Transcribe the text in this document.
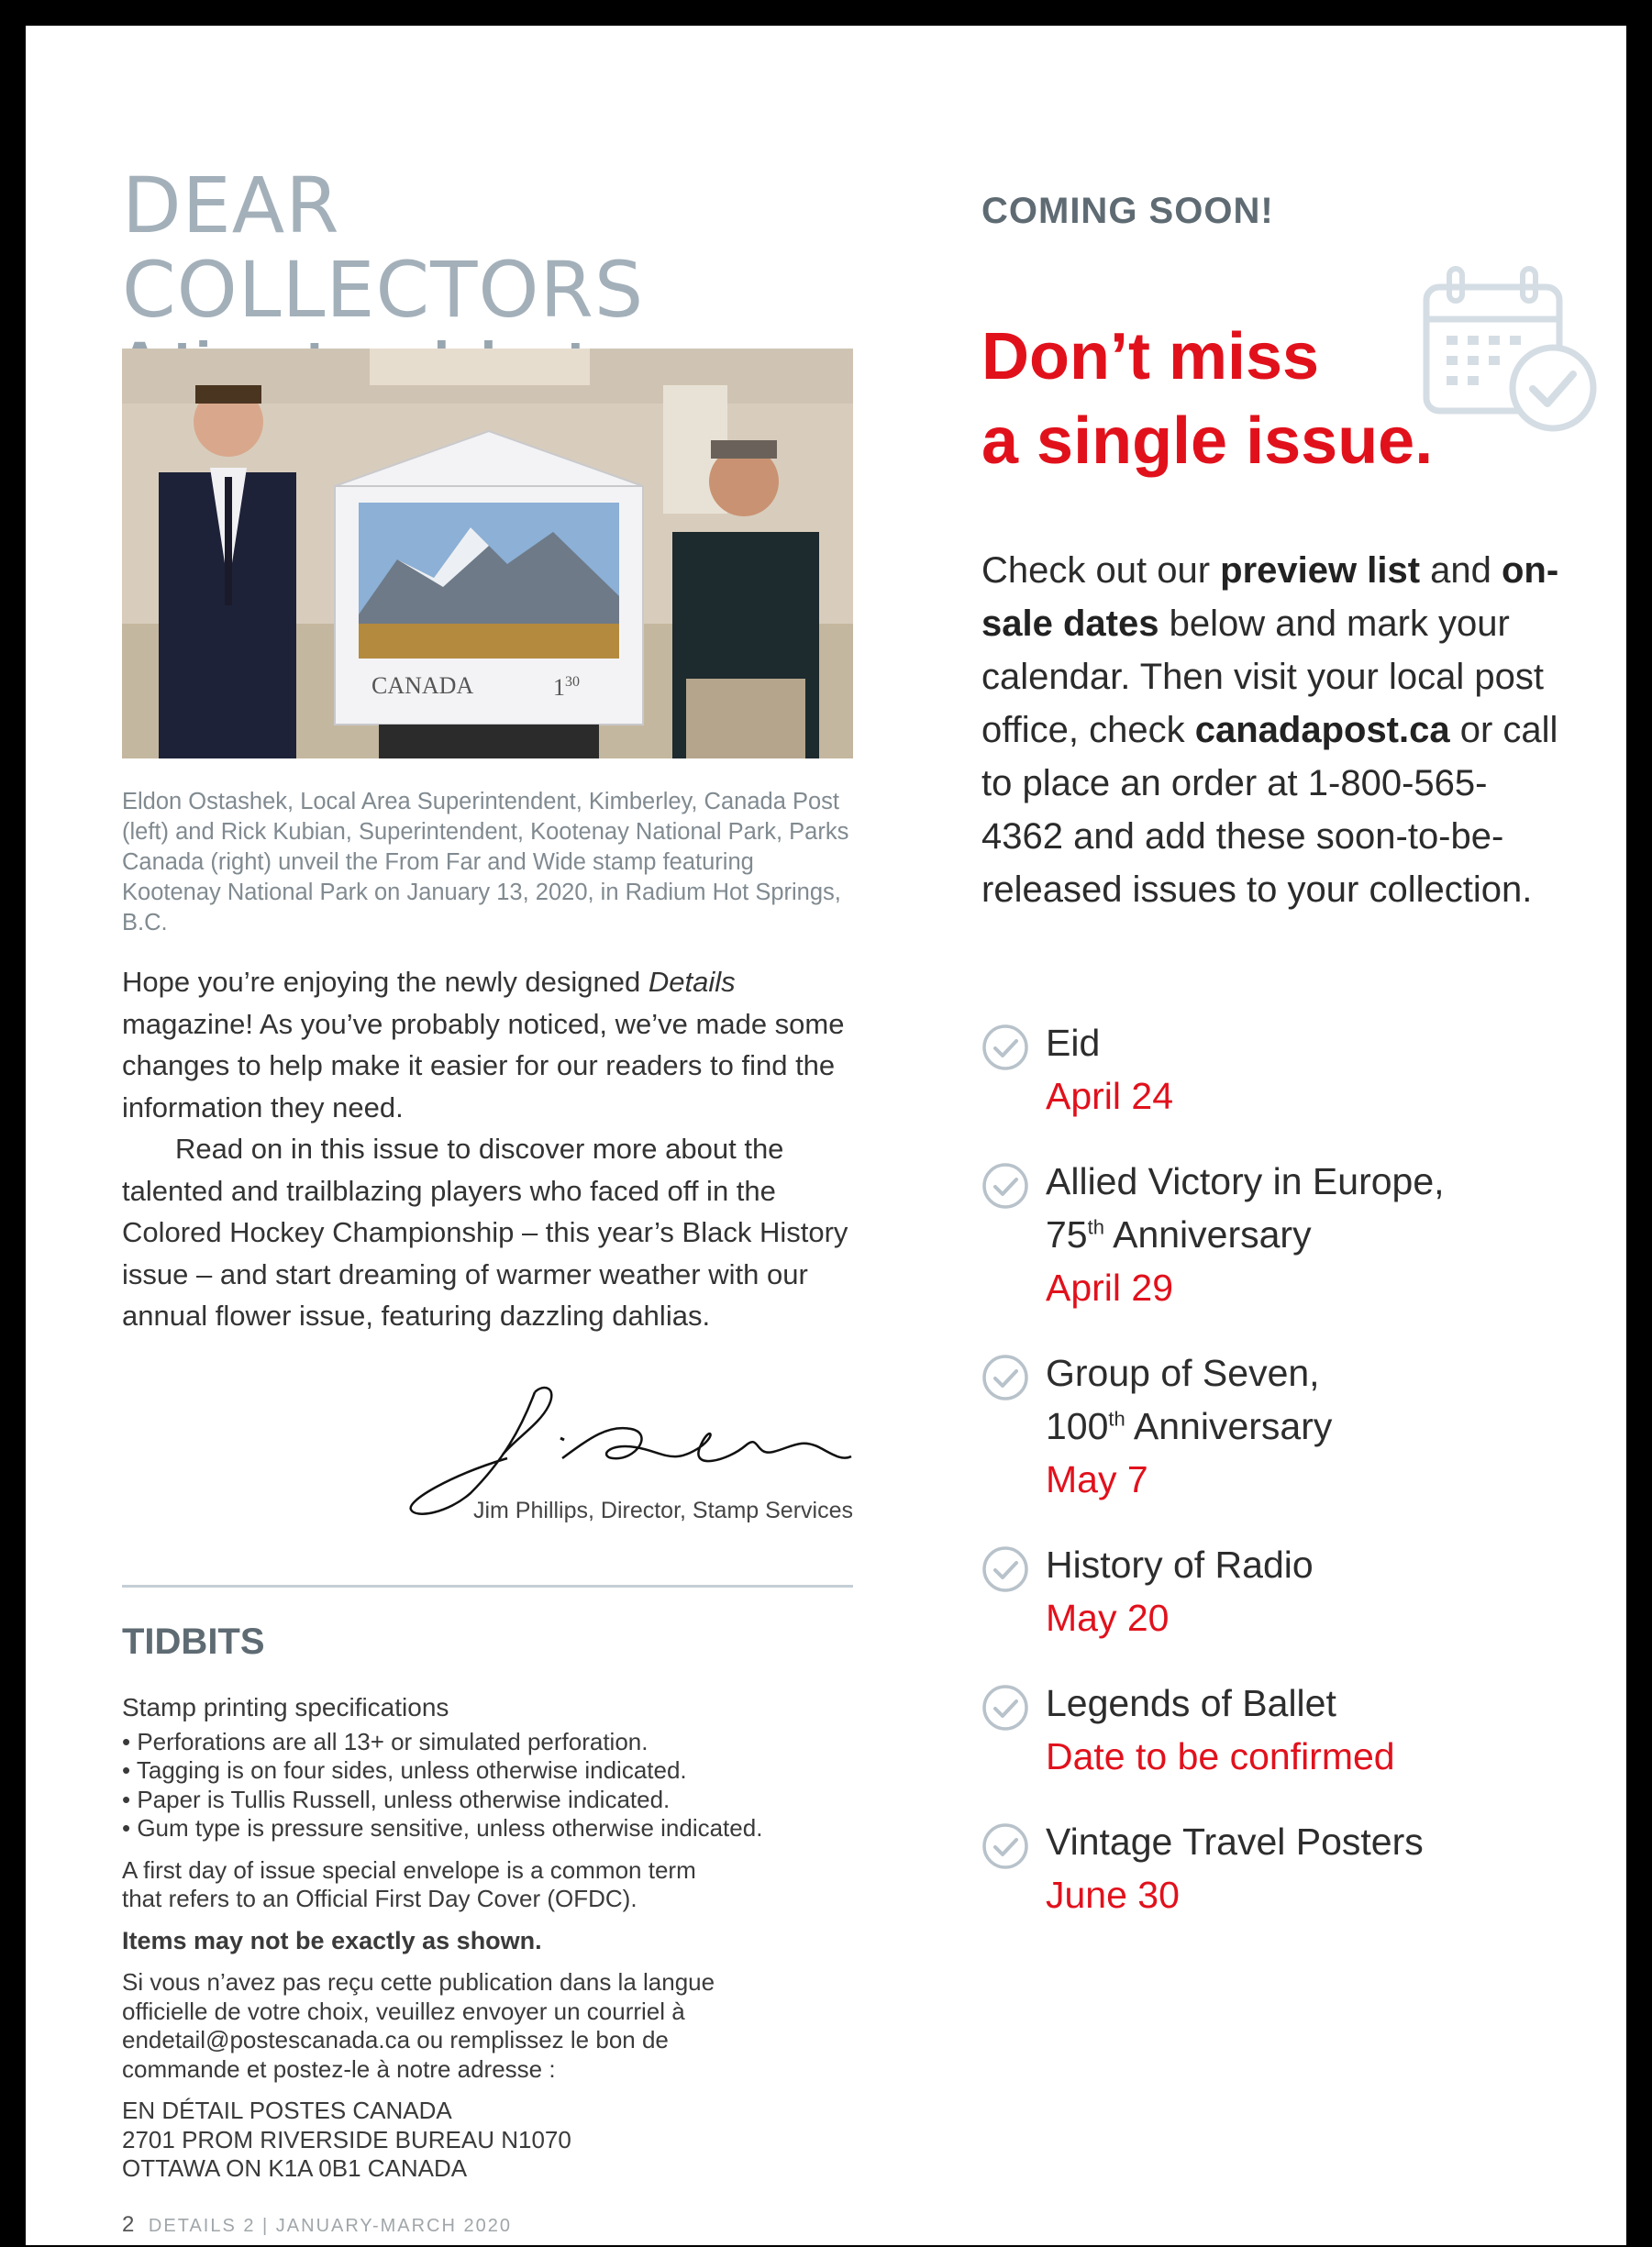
DEAR COLLECTORS
CANADA	$1^{30}$
Eldon Ostashek, Local Area Superintendent, Kimberley, Canada Post (left) and Rick Kubian, Superintendent, Kootenay National Park, Parks Canada (right) unveil the From Far and Wide stamp featuring Kootenay National Park on January 13, 2020, in Radium Hot Springs, B.C.

Hope you’re enjoying the newly designed Details magazine! As you’ve probably noticed, we’ve made some changes to help make it easier for our readers to find the information they need.

Read on in this issue to discover more about the talented and trailblazing players who faced off in the Colored Hockey Championship – this year’s Black History issue – and start dreaming of warmer weather with our annual flower issue, featuring dazzling dahlias.

Jim Phillips, Director, Stamp Services
TIDBITS
Stamp printing specifications
• Perforations are all 13+ or simulated perforation.
• Tagging is on four sides, unless otherwise indicated.
• Paper is Tullis Russell, unless otherwise indicated.
• Gum type is pressure sensitive, unless otherwise indicated.

A first day of issue special envelope is a common term
that refers to an Official First Day Cover (OFDC).

Items may not be exactly as shown.

Si vous n’avez pas reçu cette publication dans la langue
officielle de votre choix, veuillez envoyer un courriel à
endetail@postescanada.ca ou remplissez le bon de
commande et postez-le à notre adresse :

EN DÉTAIL POSTES CANADA
2701 PROM RIVERSIDE BUREAU N1070
OTTAWA ON K1A 0B1 CANADA

2 DETAILS 2 | JANUARY-MARCH 2020
COMING SOON!
Don’t miss
a single issue.
Check out our preview list and on-sale dates below and mark your calendar. Then visit your local post office, check canadapost.ca or call to place an order at 1-800-565-4362 and add these soon-to-be-released issues to your collection.
Eid
April 24
Allied Victory in Europe,
75th Anniversary
April 29
Group of Seven,
100th Anniversary
May 7
History of Radio
May 20
Legends of Ballet
Date to be confirmed
Vintage Travel Posters
June 30
